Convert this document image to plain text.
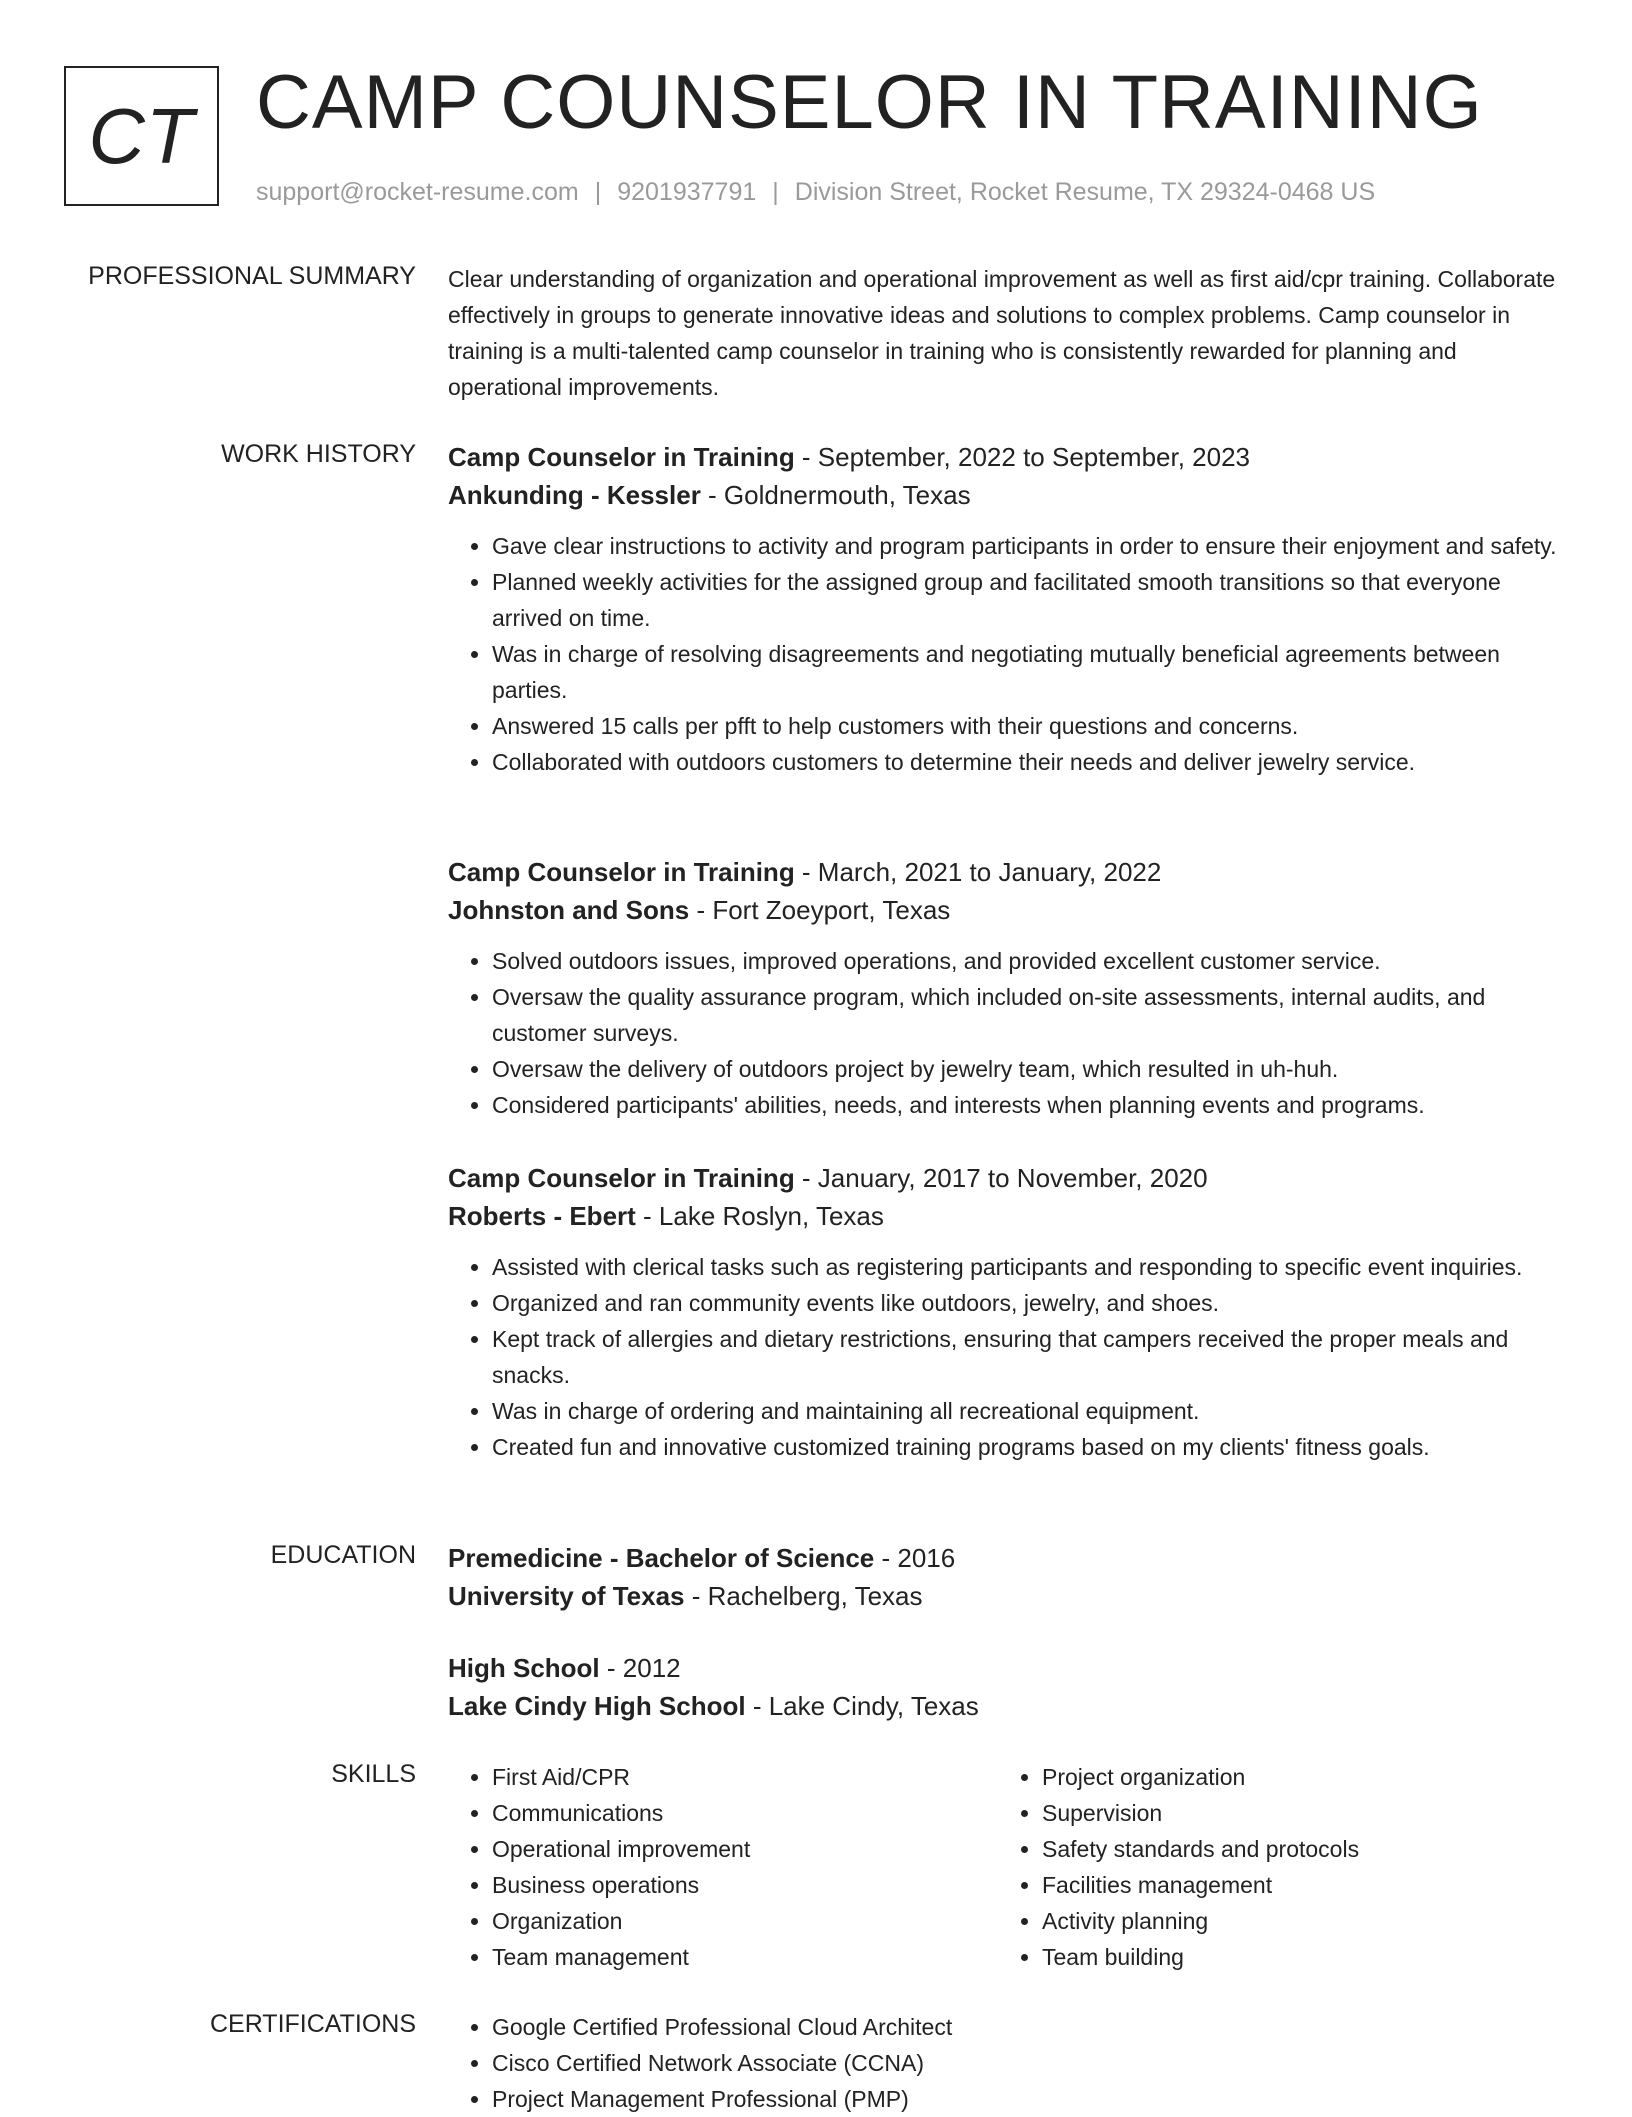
CT CAMP COUNSELOR IN TRAINING
support@rocket-resume.com | 9201937791 | Division Street, Rocket Resume, TX 29324-0468 US
PROFESSIONAL SUMMARY Clear understanding of organization and operational improvement as well as first aid/cpr training. Collaborate effectively in groups to generate innovative ideas and solutions to complex problems. Camp counselor in training is a multi-talented camp counselor in training who is consistently rewarded for planning and operational improvements.
WORK HISTORY Camp Counselor in Training - September, 2022 to September, 2023
Ankunding - Kessler - Goldnermouth, Texas
• Gave clear instructions to activity and program participants in order to ensure their enjoyment and safety.
• Planned weekly activities for the assigned group and facilitated smooth transitions so that everyone arrived on time.
• Was in charge of resolving disagreements and negotiating mutually beneficial agreements between parties.
• Answered 15 calls per pfft to help customers with their questions and concerns.
• Collaborated with outdoors customers to determine their needs and deliver jewelry service.
Camp Counselor in Training - March, 2021 to January, 2022
Johnston and Sons - Fort Zoeyport, Texas
• Solved outdoors issues, improved operations, and provided excellent customer service.
• Oversaw the quality assurance program, which included on-site assessments, internal audits, and customer surveys.
• Oversaw the delivery of outdoors project by jewelry team, which resulted in uh-huh.
• Considered participants' abilities, needs, and interests when planning events and programs.
Camp Counselor in Training - January, 2017 to November, 2020
Roberts - Ebert - Lake Roslyn, Texas
• Assisted with clerical tasks such as registering participants and responding to specific event inquiries.
• Organized and ran community events like outdoors, jewelry, and shoes.
• Kept track of allergies and dietary restrictions, ensuring that campers received the proper meals and snacks.
• Was in charge of ordering and maintaining all recreational equipment.
• Created fun and innovative customized training programs based on my clients' fitness goals.
EDUCATION Premedicine - Bachelor of Science - 2016
University of Texas - Rachelberg, Texas
High School - 2012
Lake Cindy High School - Lake Cindy, Texas
SKILLS	• First Aid/CPR
• Communications
• Operational improvement
• Business operations
• Organization
• Team management
• Project organization
• Supervision
• Safety standards and protocols
• Facilities management
• Activity planning
• Team building
CERTIFICATIONS	• Google Certified Professional Cloud Architect
• Cisco Certified Network Associate (CCNA)
• Project Management Professional (PMP)
